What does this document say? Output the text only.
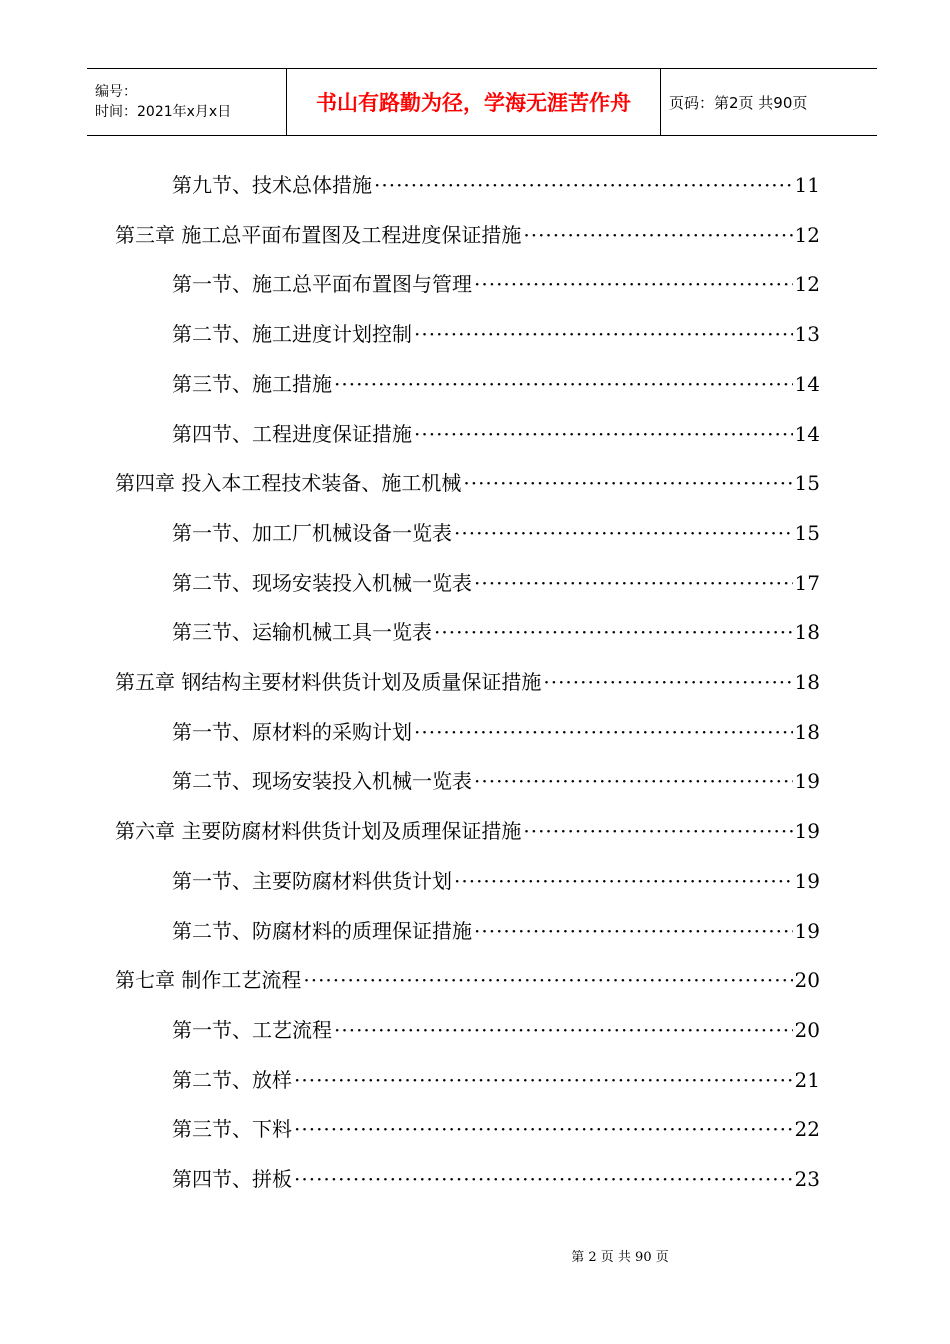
编号：
时间：2021年x月x日	书山有路勤为径，学海无涯苦作舟	页码：第2页 共90页
第九节、技术总体措施 ·····	11
第三章 施工总平面布置图及工程进度保证措施 ·····	12
第一节、施工总平面布置图与管理 ·····	12
第二节、施工进度计划控制 ·····	13
第三节、施工措施 ·····	14
第四节、工程进度保证措施 ·····	14
第四章 投入本工程技术装备、施工机械 ·····	15
第一节、加工厂机械设备一览表 ·····	15
第二节、现场安装投入机械一览表 ·····	17
第三节、运输机械工具一览表 ·····	18
第五章 钢结构主要材料供货计划及质量保证措施 ·····	18
第一节、原材料的采购计划 ·····	18
第二节、现场安装投入机械一览表 ·····	19
第六章 主要防腐材料供货计划及质理保证措施 ·····	19
第一节、主要防腐材料供货计划 ·····	19
第二节、防腐材料的质理保证措施 ·····	19
第七章 制作工艺流程 ·····	20
第一节、工艺流程 ·····	20
第二节、放样 ·····	21
第三节、下料 ·····	22
第四节、拼板 ·····	23
第 2 页 共 90 页
